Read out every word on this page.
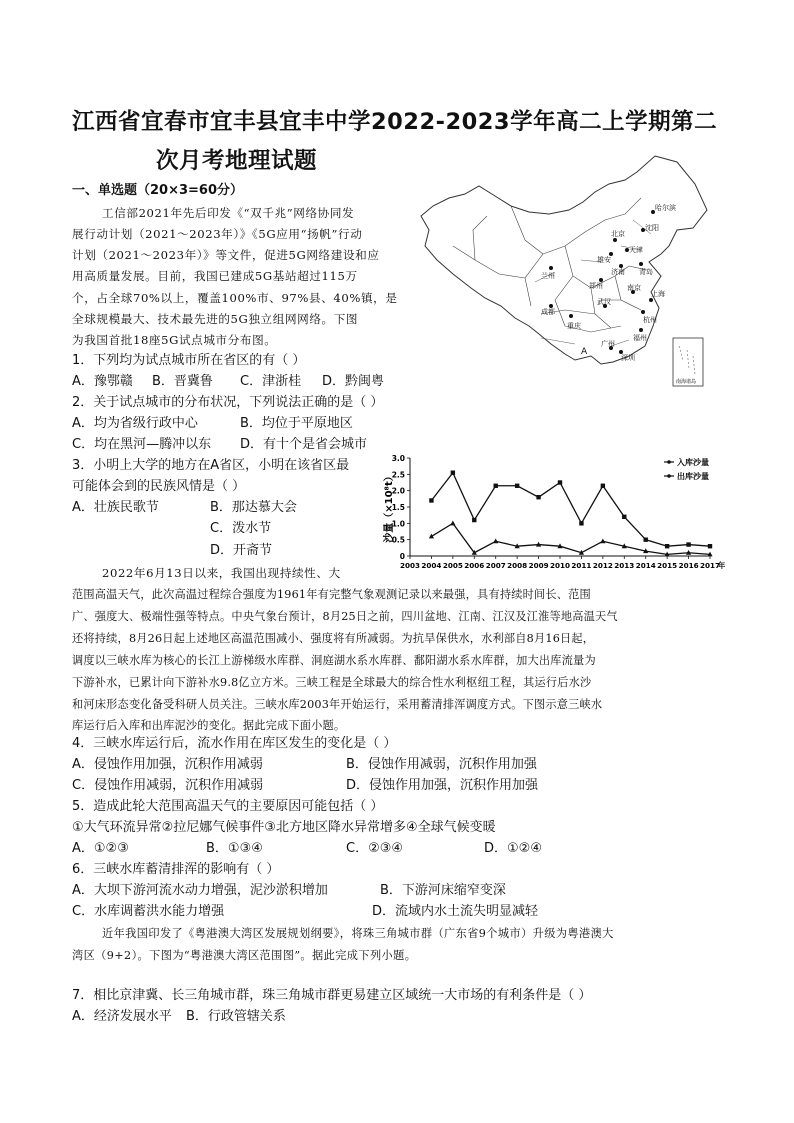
江西省宜春市宜丰县宜丰中学2022-2023学年高二上学期第二
次月考地理试题
一、单选题（20×3=60分）
工信部2021年先后印发《“双千兆”网络协同发
展行动计划（2021～2023年）》《5G应用“扬帆”行动
计划（2021～2023年）》等文件，促进5G网络建设和应
用高质量发展。目前，我国已建成5G基站超过115万
个，占全球70%以上，覆盖100%市、97%县、40%镇，是
全球规模最大、技术最先进的5G独立组网网络。下图
为我国首批18座5G试点城市分布图。
南海诸岛
哈尔滨
沈阳
北京
天津
雄安
兰州	济南 青岛
郑州	南京
上海
成都
重庆
武汉
杭州
福州
深圳
广州
A
1．下列均为试点城市所在省区的有（ ）
A．豫鄂赣 B．晋冀鲁 C．津浙桂 D．黔闽粤
2．关于试点城市的分布状况，下列说法正确的是（ ）
A．均为省级行政中心	B．均位于平原地区
C．均在黑河—腾冲以东 D．有十个是省会城市
3．小明上大学的地方在A省区，小明在该省区最
可能体会到的民族风情是（ ）
A．壮族民歌节	B．那达慕大会
C．泼水节
D．开斋节	0
0.5
1.0
1.5
2.0
2.5
3.0
2003 2004 2005 2006 2007 2008 2009 2010 2011 2012 2013 2014 2015 2016 2017
年
沙量（×10⁸t）
入库沙量
出库沙量
2022年6月13日以来，我国出现持续性、大
范围高温天气，此次高温过程综合强度为1961年有完整气象观测记录以来最强，具有持续时间长、范围
广、强度大、极端性强等特点。中央气象台预计，8月25日之前，四川盆地、江南、江汉及江淮等地高温天气
还将持续，8月26日起上述地区高温范围减小、强度将有所减弱。为抗旱保供水，水利部自8月16日起，
调度以三峡水库为核心的长江上游梯级水库群、洞庭湖水系水库群、鄱阳湖水系水库群，加大出库流量为
下游补水，已累计向下游补水9.8亿立方米。三峡工程是全球最大的综合性水利枢纽工程，其运行后水沙
和河床形态变化备受科研人员关注。三峡水库2003年开始运行，采用蓄清排浑调度方式。下图示意三峡水
库运行后入库和出库泥沙的变化。据此完成下面小题。
4．三峡水库运行后，流水作用在库区发生的变化是（ ）
A．侵蚀作用加强，沉积作用减弱	B．侵蚀作用减弱，沉积作用加强
C．侵蚀作用减弱，沉积作用减弱	D．侵蚀作用加强，沉积作用加强
5．造成此轮大范围高温天气的主要原因可能包括（ ）
①大气环流异常②拉尼娜气候事件③北方地区降水异常增多④全球气候变暖
A．①②③	B．①③④	C．②③④	D．①②④
6．三峡水库蓄清排浑的影响有（ ）
A．大坝下游河流水动力增强，泥沙淤积增加	B．下游河床缩窄变深
C．水库调蓄洪水能力增强	D．流域内水土流失明显减轻
近年我国印发了《粤港澳大湾区发展规划纲要》，将珠三角城市群（广东省9个城市）升级为粤港澳大
湾区（9+2）。下图为“粤港澳大湾区范围图”。据此完成下列小题。
7．相比京津冀、长三角城市群，珠三角城市群更易建立区域统一大市场的有利条件是（ ）
A．经济发展水平 B．行政管辖关系
